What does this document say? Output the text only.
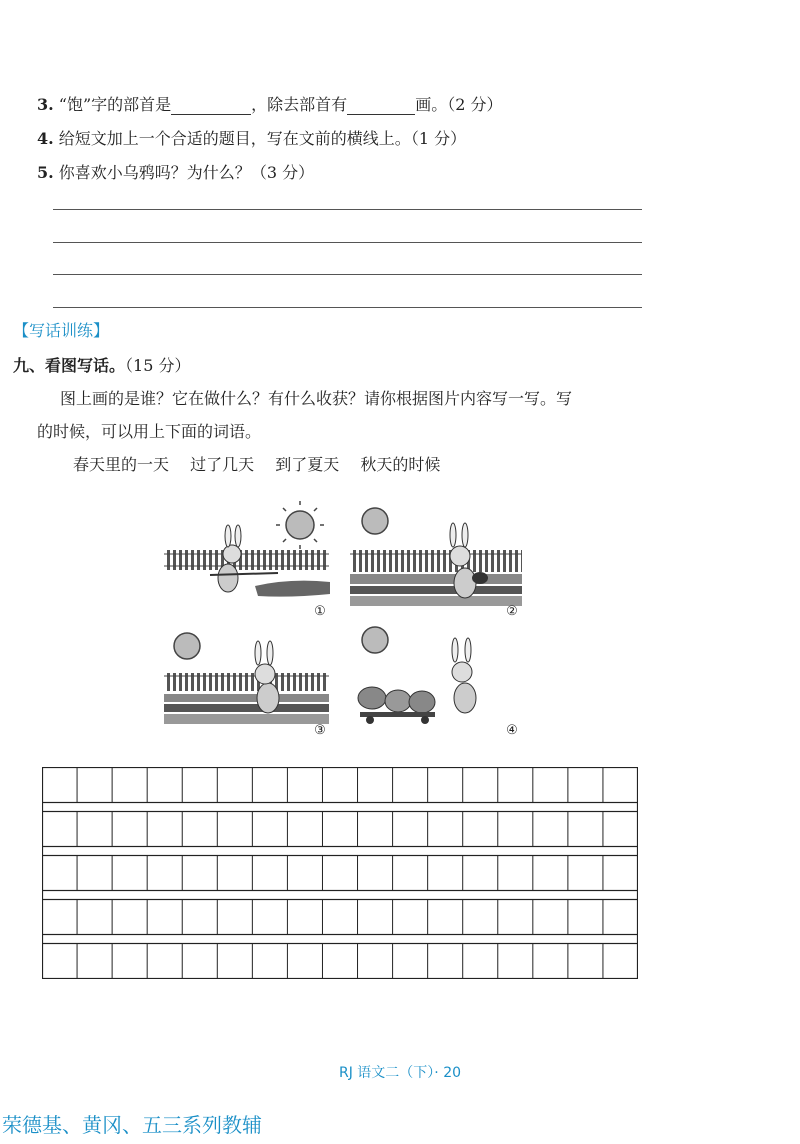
3. “饱”字的部首是	，除去部首有	画。（2 分）
4. 给短文加上一个合适的题目，写在文前的横线上。（1 分）
5. 你喜欢小乌鸦吗？为什么？（3 分）
【写话训练】
九、看图写话。（15 分）
图上画的是谁？它在做什么？有什么收获？请你根据图片内容写一写。写
的时候，可以用上下面的词语。
春天里的一天 过了几天 到了夏天 秋天的时候
①	②
③	④
RJ 语文二（下）· 20
荣德基、黄冈、五三系列教辅
